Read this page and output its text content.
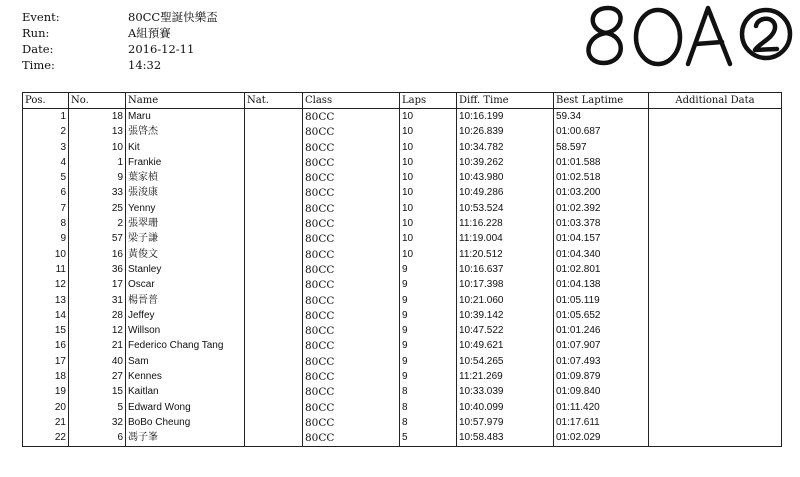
Event:	80CC聖誕快樂盃
Run:	A組預賽
Date:	2016-12-11
Time:	14:32
Pos.	No.	Name	Nat.	Class	Laps	Diff. Time	Best Laptime	Additional Data
1	18	Maru		80CC	10	10:16.199	59.34	
2	13	張啓杰		80CC	10	10:26.839	01:00.687	
3	10	Kit		80CC	10	10:34.782	58.597	
4	1	Frankie		80CC	10	10:39.262	01:01.588	
5	9	葉家楨		80CC	10	10:43.980	01:02.518	
6	33	張浚康		80CC	10	10:49.286	01:03.200	
7	25	Yenny		80CC	10	10:53.524	01:02.392	
8	2	張翠珊		80CC	10	11:16.228	01:03.378	
9	57	梁子謙		80CC	10	11:19.004	01:04.157	
10	16	黃俊文		80CC	10	11:20.512	01:04.340	
11	36	Stanley		80CC	9	10:16.637	01:02.801	
12	17	Oscar		80CC	9	10:17.398	01:04.138	
13	31	楊晉普		80CC	9	10:21.060	01:05.119	
14	28	Jeffey		80CC	9	10:39.142	01:05.652	
15	12	Willson		80CC	9	10:47.522	01:01.246	
16	21	Federico Chang Tang		80CC	9	10:49.621	01:07.907	
17	40	Sam		80CC	9	10:54.265	01:07.493	
18	27	Kennes		80CC	9	11:21.269	01:09.879	
19	15	Kaitlan		80CC	8	10:33.039	01:09.840	
20	5	Edward Wong		80CC	8	10:40.099	01:11.420	
21	32	BoBo Cheung		80CC	8	10:57.979	01:17.611	
22	6	馮子峯		80CC	5	10:58.483	01:02.029	
